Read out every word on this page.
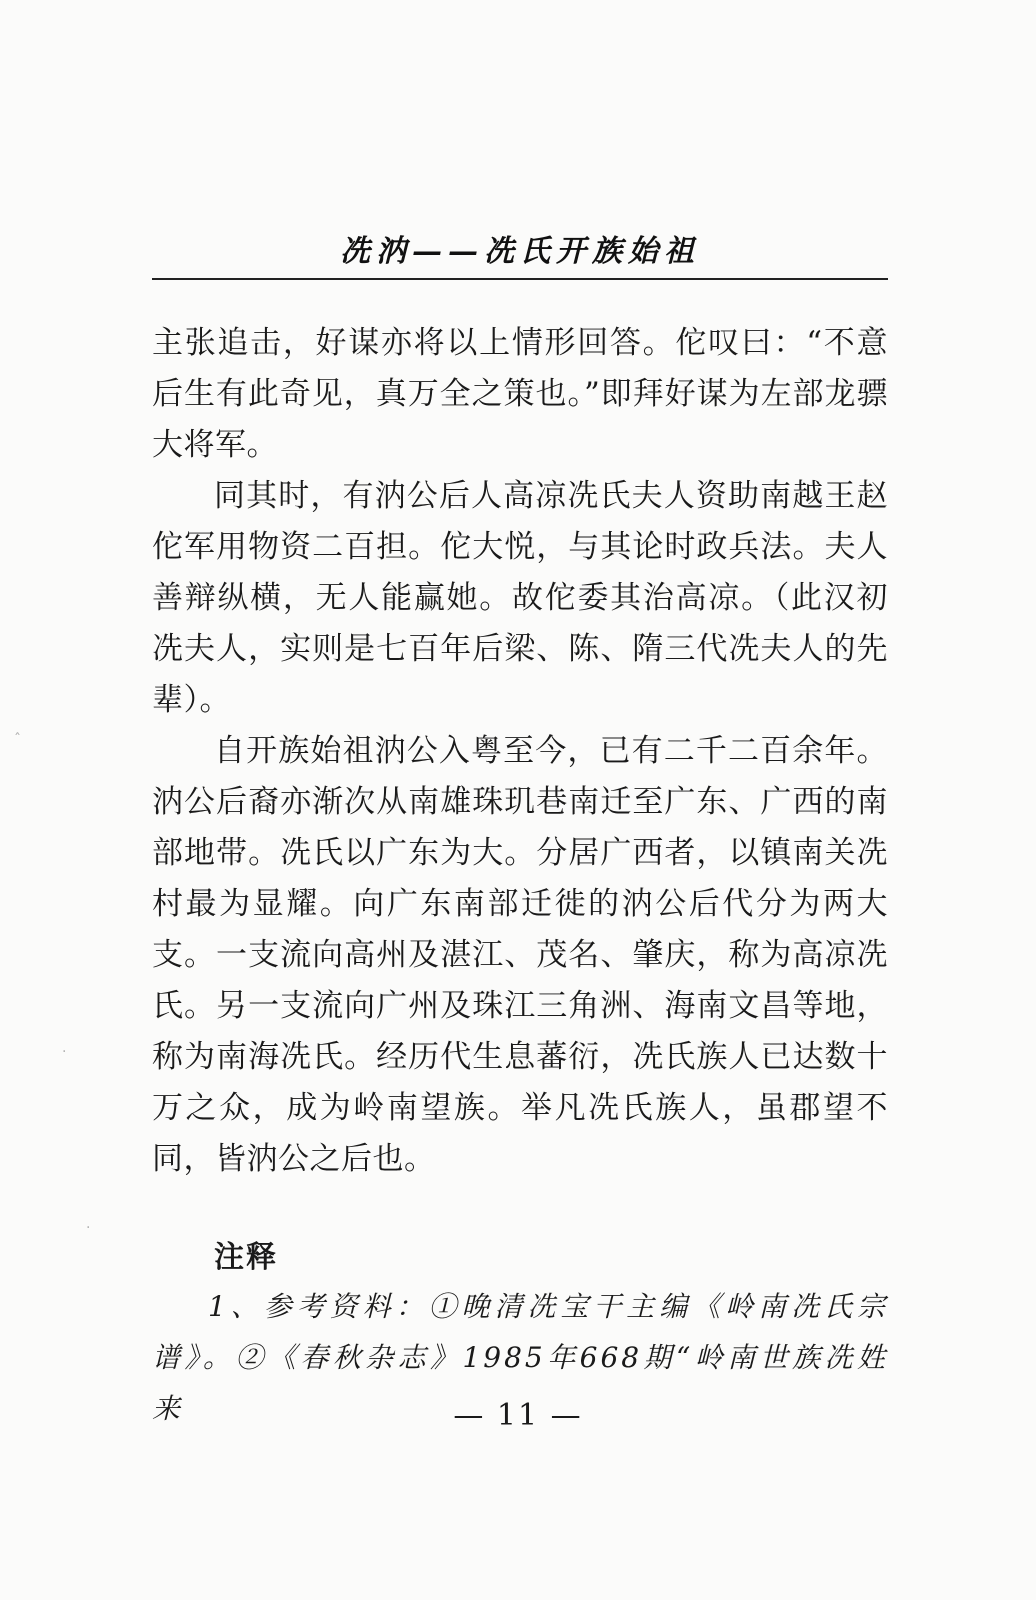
冼汭——冼氏开族始祖

主张追击，好谋亦将以上情形回答。佗叹曰：“不意后生有此奇见，真万全之策也。”即拜好谋为左部龙骠大将军。

同其时，有汭公后人高凉冼氏夫人资助南越王赵佗军用物资二百担。佗大悦，与其论时政兵法。夫人善辩纵横，无人能赢她。故佗委其治高凉。（此汉初冼夫人，实则是七百年后梁、陈、隋三代冼夫人的先辈）。

自开族始祖汭公入粤至今，已有二千二百余年。汭公后裔亦渐次从南雄珠玑巷南迁至广东、广西的南部地带。冼氏以广东为大。分居广西者，以镇南关冼村最为显耀。向广东南部迁徙的汭公后代分为两大支。一支流向高州及湛江、茂名、肇庆，称为高凉冼氏。另一支流向广州及珠江三角洲、海南文昌等地，称为南海冼氏。经历代生息蕃衍，冼氏族人已达数十万之众，成为岭南望族。举凡冼氏族人，虽郡望不同，皆汭公之后也。

注释

1、参考资料：①晚清冼宝干主编《岭南冼氏宗谱》。②《春秋杂志》1985年668期“岭南世族冼姓来	— 11 —
ˆ
·
·
